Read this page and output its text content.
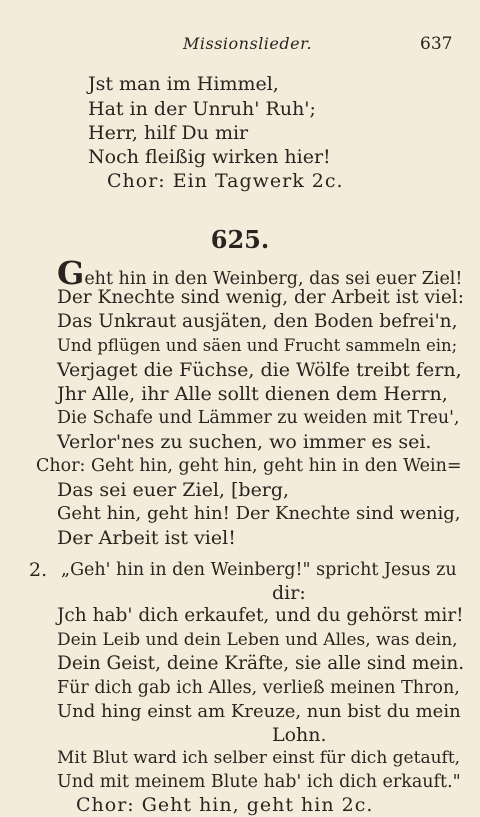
Missionslieder.	637
Jst man im Himmel,
Hat in der Unruh' Ruh';
Herr, hilf Du mir
Noch fleißig wirken hier!
Chor: Ein Tagwerk 2c.
625.
Geht hin in den Weinberg, das sei euer Ziel!
Der Knechte sind wenig, der Arbeit ist viel:
Das Unkraut ausjäten, den Boden befrei'n,
Und pflügen und säen und Frucht sammeln ein;
Verjaget die Füchse, die Wölfe treibt fern,
Jhr Alle, ihr Alle sollt dienen dem Herrn,
Die Schafe und Lämmer zu weiden mit Treu',
Verlor'nes zu suchen, wo immer es sei.
Chor: Geht hin, geht hin, geht hin in den Wein=
Das sei euer Ziel, [berg,
Geht hin, geht hin! Der Knechte sind wenig,
Der Arbeit ist viel!
2. „Geh' hin in den Weinberg!" spricht Jesus zu
dir:
Jch hab' dich erkaufet, und du gehörst mir!
Dein Leib und dein Leben und Alles, was dein,
Dein Geist, deine Kräfte, sie alle sind mein.
Für dich gab ich Alles, verließ meinen Thron,
Und hing einst am Kreuze, nun bist du mein
Lohn.
Mit Blut ward ich selber einst für dich getauft,
Und mit meinem Blute hab' ich dich erkauft."
Chor: Geht hin, geht hin 2c.
